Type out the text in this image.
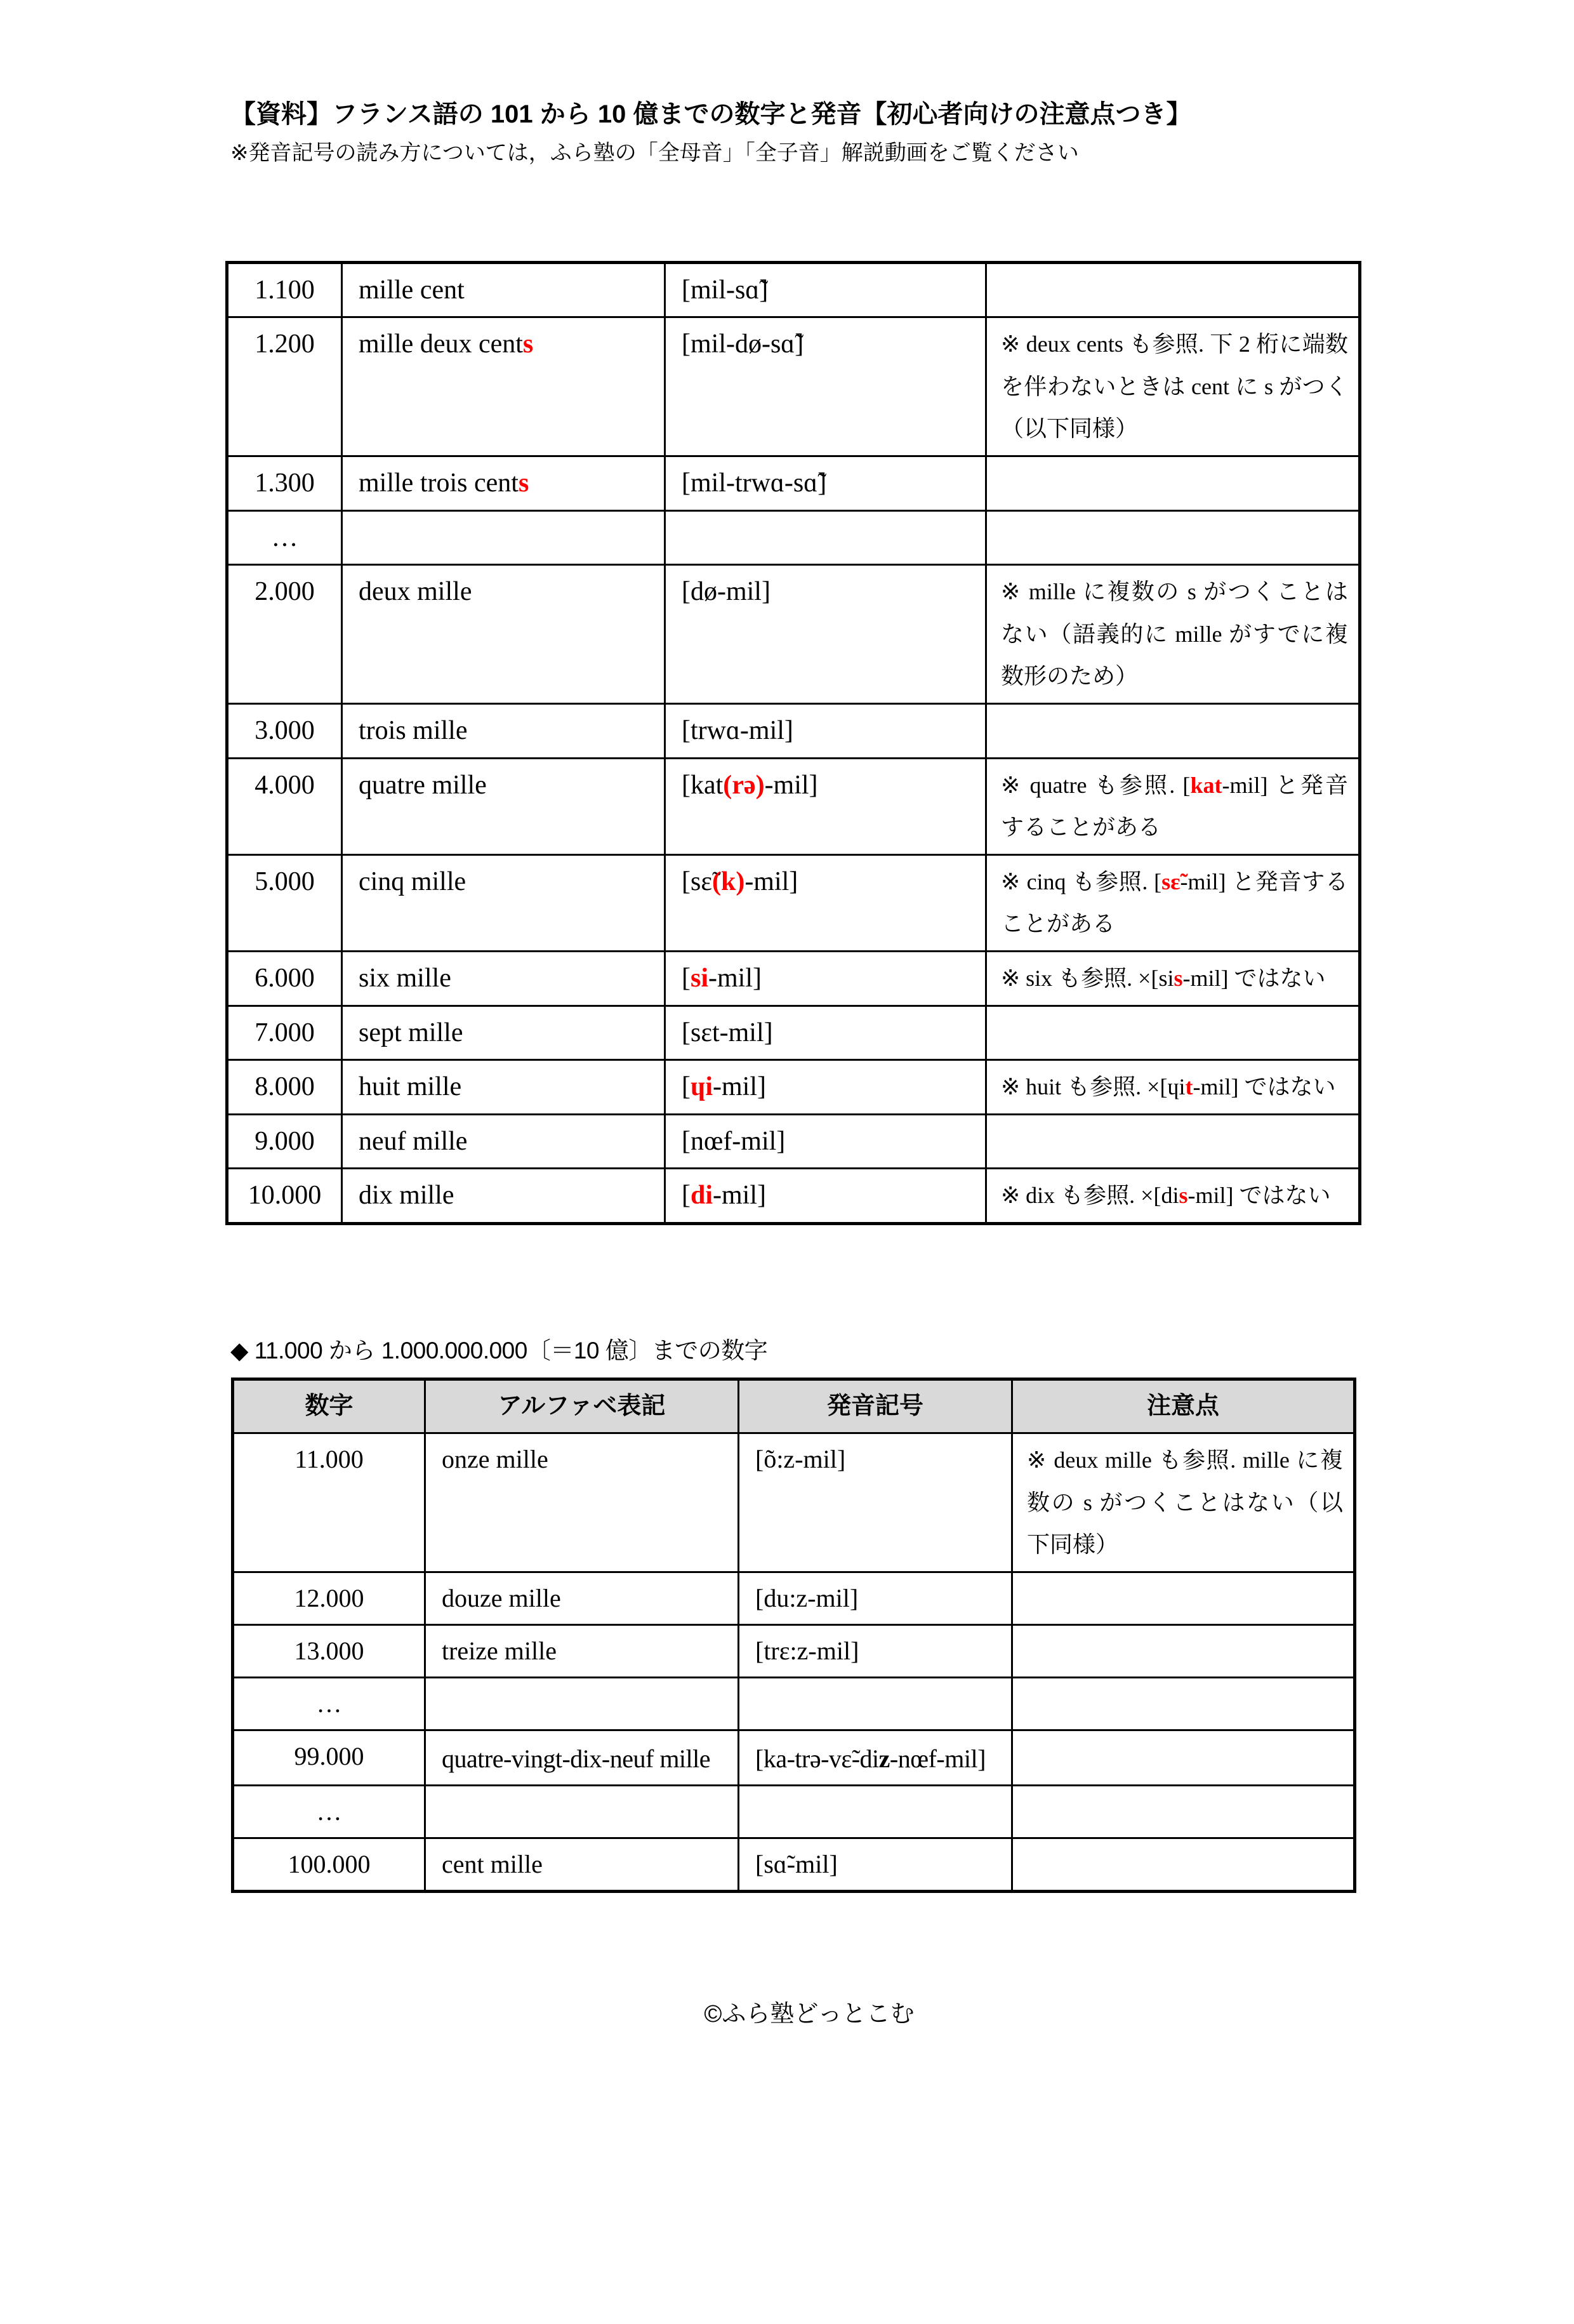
【資料】フランス語の 101 から 10 億までの数字と発音【初心者向けの注意点つき】
※発音記号の読み方については，ふら塾の「全母音」「全子音」解説動画をご覧ください
1.100	mille cent	[mil-sɑ̃]	
1.200	mille deux cents	[mil-dø-sɑ̃]	※ deux cents も参照. 下 2 桁に端数を伴わないときは cent に s がつく（以下同様）
1.300	mille trois cents	[mil-trwɑ-sɑ̃]	
…			
2.000	deux mille	[dø-mil]	※ mille に複数の s がつくことはない（語義的に mille がすでに複数形のため）
3.000	trois mille	[trwɑ-mil]	
4.000	quatre mille	[kat(rə)-mil]	※ quatre も参照. [kat-mil] と発音することがある
5.000	cinq mille	[sɛ̃(k)-mil]	※ cinq も参照. [sɛ̃-mil] と発音することがある
6.000	six mille	[si-mil]	※ six も参照. ×[sis-mil] ではない
7.000	sept mille	[sɛt-mil]	
8.000	huit mille	[ɥi-mil]	※ huit も参照. ×[ɥit-mil] ではない
9.000	neuf mille	[nœf-mil]	
10.000	dix mille	[di-mil]	※ dix も参照. ×[dis-mil] ではない
◆ 11.000 から 1.000.000.000〔＝10 億〕までの数字
数字	アルファベ表記	発音記号	注意点
11.000	onze mille	[õ:z-mil]	※ deux mille も参照. mille に複数の s がつくことはない（以下同様）
12.000	douze mille	[du:z-mil]	
13.000	treize mille	[trɛ:z-mil]	
…			
99.000	quatre-vingt-dix-neuf mille	[ka-trə-vɛ̃-diz-nœf-mil]	
…			
100.000	cent mille	[sɑ̃-mil]	
©ふら塾どっとこむ
